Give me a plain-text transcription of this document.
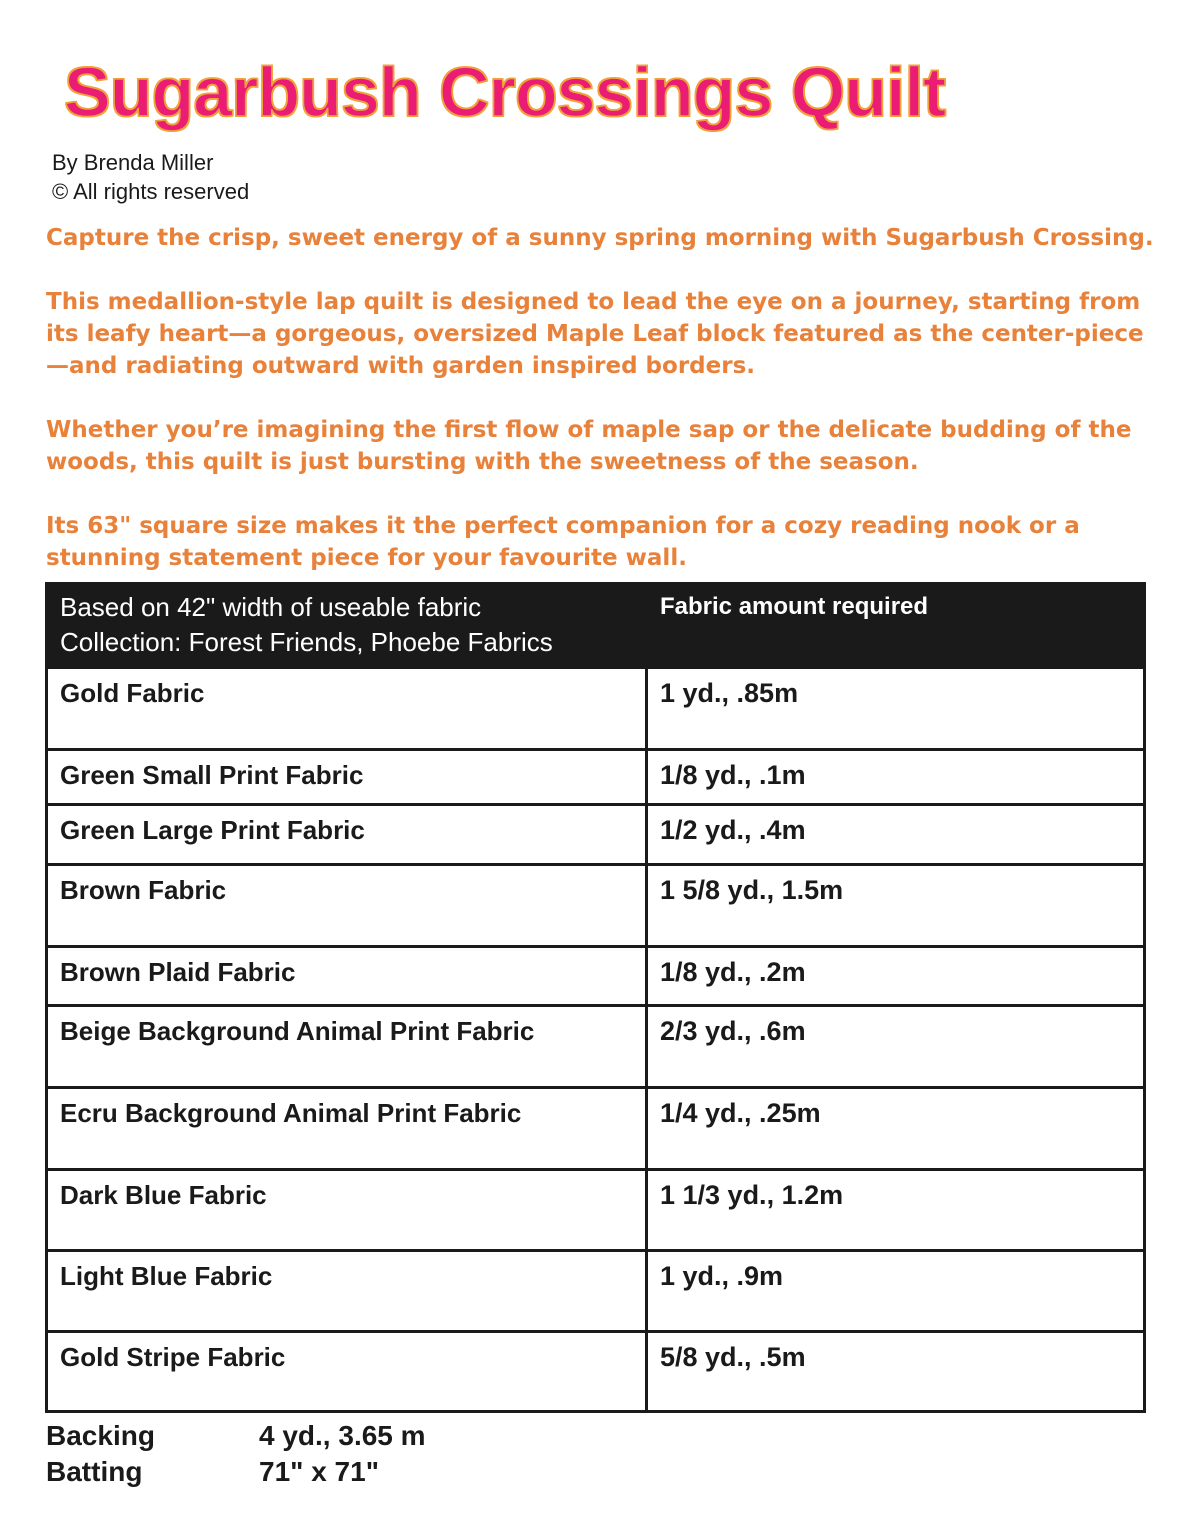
Sugarbush Crossings Quilt
By Brenda Miller
© All rights reserved

Capture the crisp, sweet energy of a sunny spring morning with Sugarbush Crossing.

This medallion-style lap quilt is designed to lead the eye on a journey, starting from its leafy heart—a gorgeous, oversized Maple Leaf block featured as the center-piece—and radiating outward with garden inspired borders.

Whether you’re imagining the first flow of maple sap or the delicate budding of the woods, this quilt is just bursting with the sweetness of the season.

Its 63" square size makes it the perfect companion for a cozy reading nook or a stunning statement piece for your favourite wall.

Based on 42" width of useable fabric
Collection: Forest Friends, Phoebe Fabrics	Fabric amount required
Gold Fabric	1 yd., .85m
Green Small Print Fabric	1/8 yd., .1m
Green Large Print Fabric	1/2 yd., .4m
Brown Fabric	1 5/8 yd., 1.5m
Brown Plaid Fabric	1/8 yd., .2m
Beige Background Animal Print Fabric	2/3 yd., .6m
Ecru Background Animal Print Fabric	1/4 yd., .25m
Dark Blue Fabric	1 1/3 yd., 1.2m
Light Blue Fabric	1 yd., .9m
Gold Stripe Fabric	5/8 yd., .5m
Backing	4 yd., 3.65 m
Batting	71" x 71"
